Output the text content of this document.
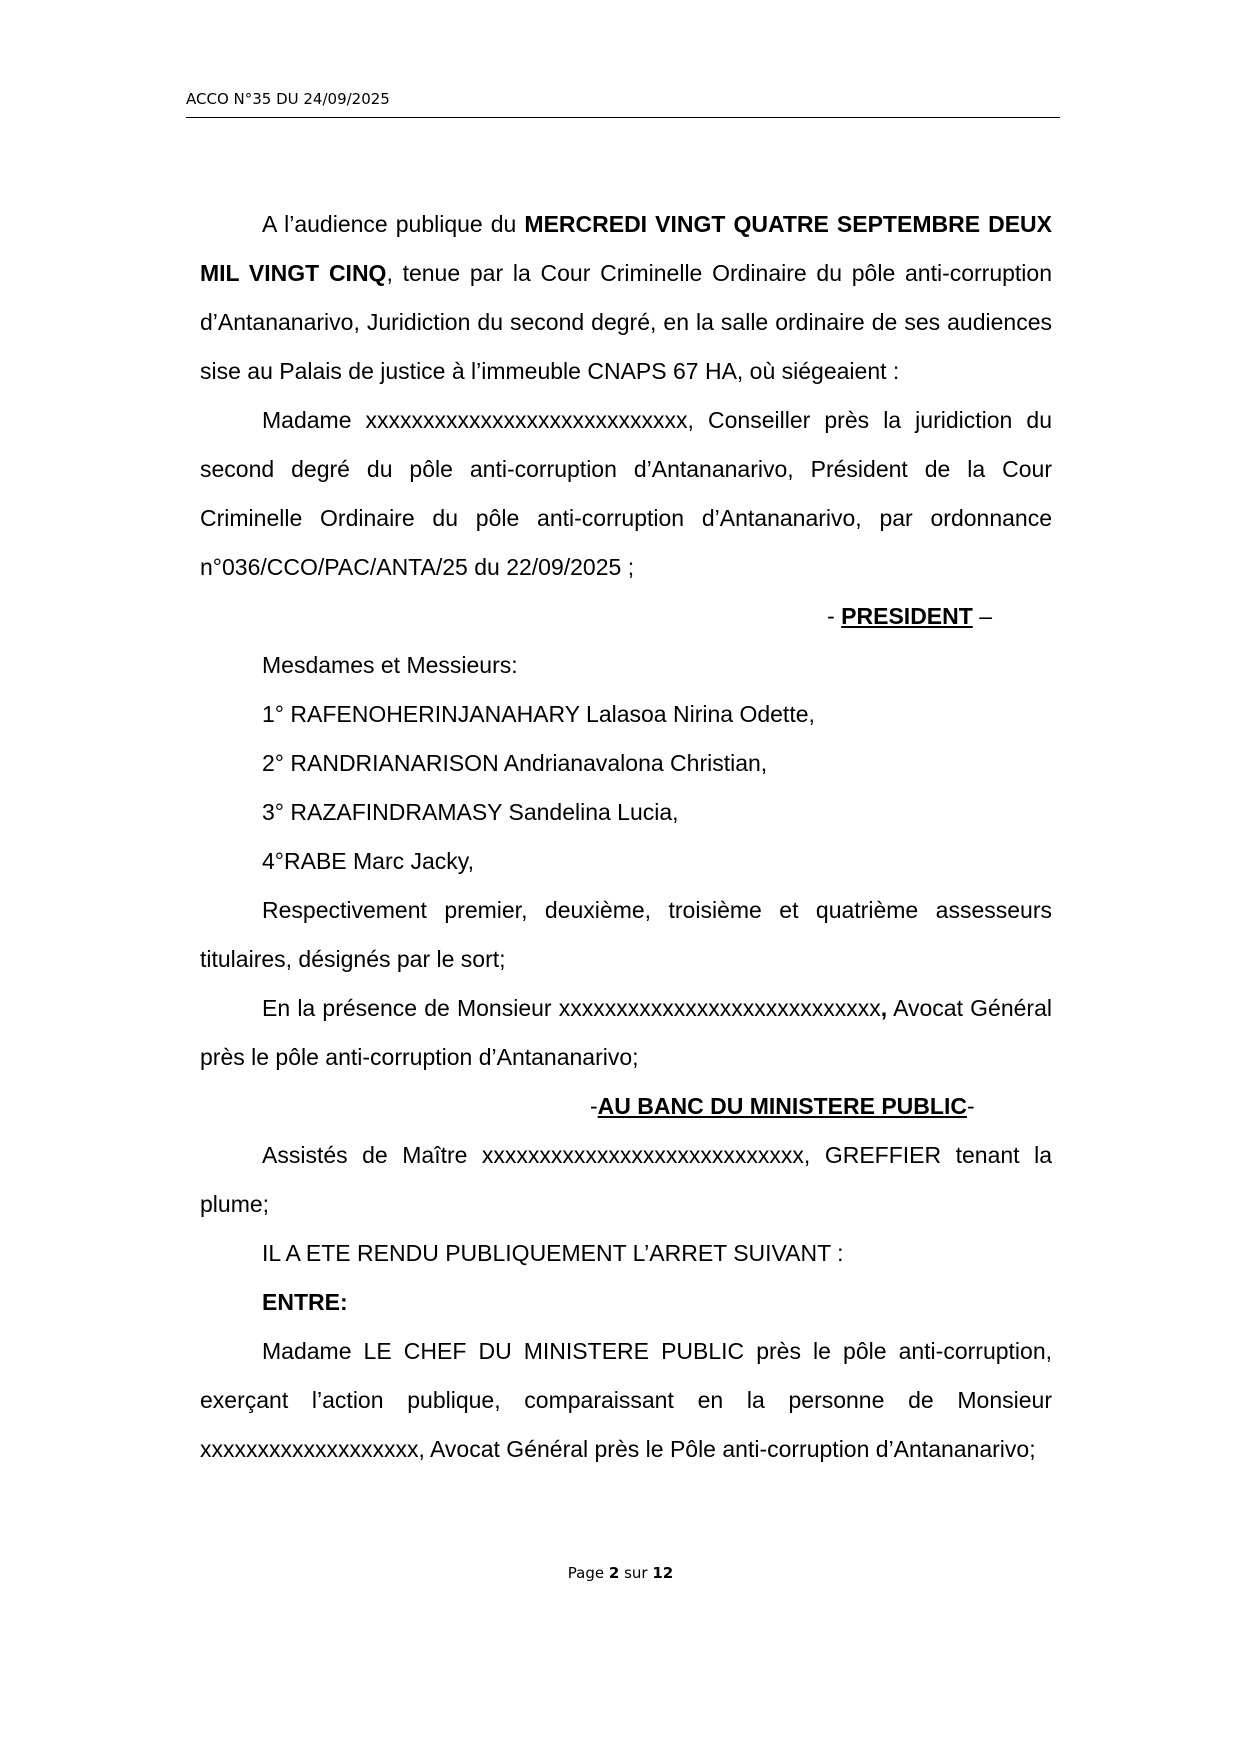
ACCO N°35 DU 24/09/2025

A l’audience publique du MERCREDI VINGT QUATRE SEPTEMBRE DEUX MIL VINGT CINQ, tenue par la Cour Criminelle Ordinaire du pôle anti-corruption d’Antananarivo, Juridiction du second degré, en la salle ordinaire de ses audiences sise au Palais de justice à l’immeuble CNAPS 67 HA, où siégeaient :

Madame xxxxxxxxxxxxxxxxxxxxxxxxxxxx, Conseiller près la juridiction du second degré du pôle anti-corruption d’Antananarivo, Président de la Cour Criminelle Ordinaire du pôle anti-corruption d’Antananarivo, par ordonnance n°036/CCO/PAC/ANTA/25 du 22/09/2025 ;

- PRESIDENT –

Mesdames et Messieurs:

1° RAFENOHERINJANAHARY Lalasoa Nirina Odette,

2° RANDRIANARISON Andrianavalona Christian,

3° RAZAFINDRAMASY Sandelina Lucia,

4°RABE Marc Jacky,

Respectivement premier, deuxième, troisième et quatrième assesseurs titulaires, désignés par le sort;

En la présence de Monsieur xxxxxxxxxxxxxxxxxxxxxxxxxxxx, Avocat Général près le pôle anti-corruption d’Antananarivo;

-AU BANC DU MINISTERE PUBLIC-

Assistés de Maître xxxxxxxxxxxxxxxxxxxxxxxxxxxx, GREFFIER tenant la plume;

IL A ETE RENDU PUBLIQUEMENT L’ARRET SUIVANT :

ENTRE:

Madame LE CHEF DU MINISTERE PUBLIC près le pôle anti-corruption, exerçant l’action publique, comparaissant en la personne de Monsieur xxxxxxxxxxxxxxxxxxx, Avocat Général près le Pôle anti-corruption d’Antananarivo;

Page 2 sur 12
